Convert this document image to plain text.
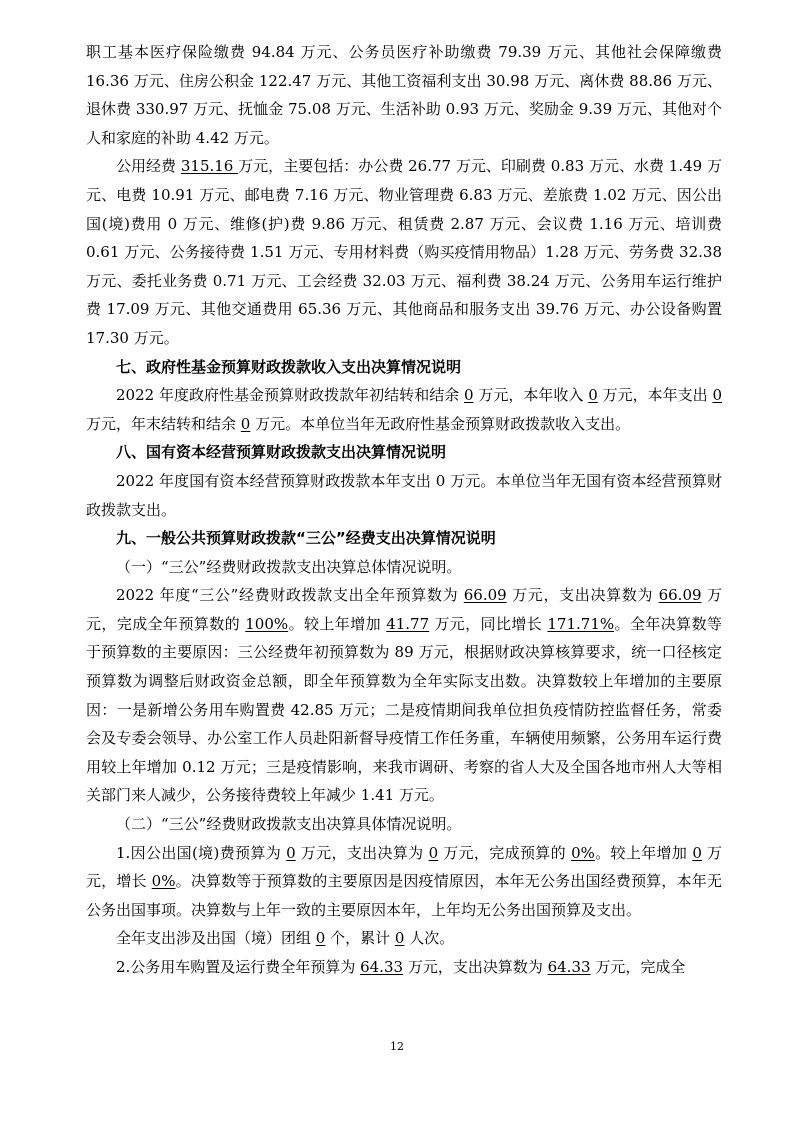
职工基本医疗保险缴费 94.84 万元、公务员医疗补助缴费 79.39 万元、其他社会保障缴费 16.36 万元、住房公积金 122.47 万元、其他工资福利支出 30.98 万元、离休费 88.86 万元、退休费 330.97 万元、抚恤金 75.08 万元、生活补助 0.93 万元、奖励金 9.39 万元、其他对个人和家庭的补助 4.42 万元。

公用经费 315.16 万元，主要包括：办公费 26.77 万元、印刷费 0.83 万元、水费 1.49 万元、电费 10.91 万元、邮电费 7.16 万元、物业管理费 6.83 万元、差旅费 1.02 万元、因公出国(境)费用 0 万元、维修(护)费 9.86 万元、租赁费 2.87 万元、会议费 1.16 万元、培训费 0.61 万元、公务接待费 1.51 万元、专用材料费（购买疫情用物品）1.28 万元、劳务费 32.38 万元、委托业务费 0.71 万元、工会经费 32.03 万元、福利费 38.24 万元、公务用车运行维护费 17.09 万元、其他交通费用 65.36 万元、其他商品和服务支出 39.76 万元、办公设备购置 17.30 万元。

七、政府性基金预算财政拨款收入支出决算情况说明

2022 年度政府性基金预算财政拨款年初结转和结余 0 万元，本年收入 0 万元，本年支出 0 万元，年末结转和结余 0 万元。本单位当年无政府性基金预算财政拨款收入支出。

八、国有资本经营预算财政拨款支出决算情况说明

2022 年度国有资本经营预算财政拨款本年支出 0 万元。本单位当年无国有资本经营预算财政拨款支出。

九、一般公共预算财政拨款“三公”经费支出决算情况说明

（一）“三公”经费财政拨款支出决算总体情况说明。

2022 年度“三公”经费财政拨款支出全年预算数为 66.09 万元，支出决算数为 66.09 万元，完成全年预算数的 100%。较上年增加 41.77 万元，同比增长 171.71%。全年决算数等于预算数的主要原因：三公经费年初预算数为 89 万元，根据财政决算核算要求，统一口径核定预算数为调整后财政资金总额，即全年预算数为全年实际支出数。决算数较上年增加的主要原因：一是新增公务用车购置费 42.85 万元；二是疫情期间我单位担负疫情防控监督任务，常委会及专委会领导、办公室工作人员赴阳新督导疫情工作任务重，车辆使用频繁，公务用车运行费用较上年增加 0.12 万元；三是疫情影响，来我市调研、考察的省人大及全国各地市州人大等相关部门来人减少，公务接待费较上年减少 1.41 万元。

（二）“三公”经费财政拨款支出决算具体情况说明。

1.因公出国(境)费预算为 0 万元，支出决算为 0 万元，完成预算的 0%。较上年增加 0 万元，增长 0%。决算数等于预算数的主要原因是因疫情原因，本年无公务出国经费预算，本年无公务出国事项。决算数与上年一致的主要原因本年，上年均无公务出国预算及支出。

全年支出涉及出国（境）团组 0 个，累计 0 人次。

2.公务用车购置及运行费全年预算为 64.33 万元，支出决算数为 64.33 万元，完成全

12
